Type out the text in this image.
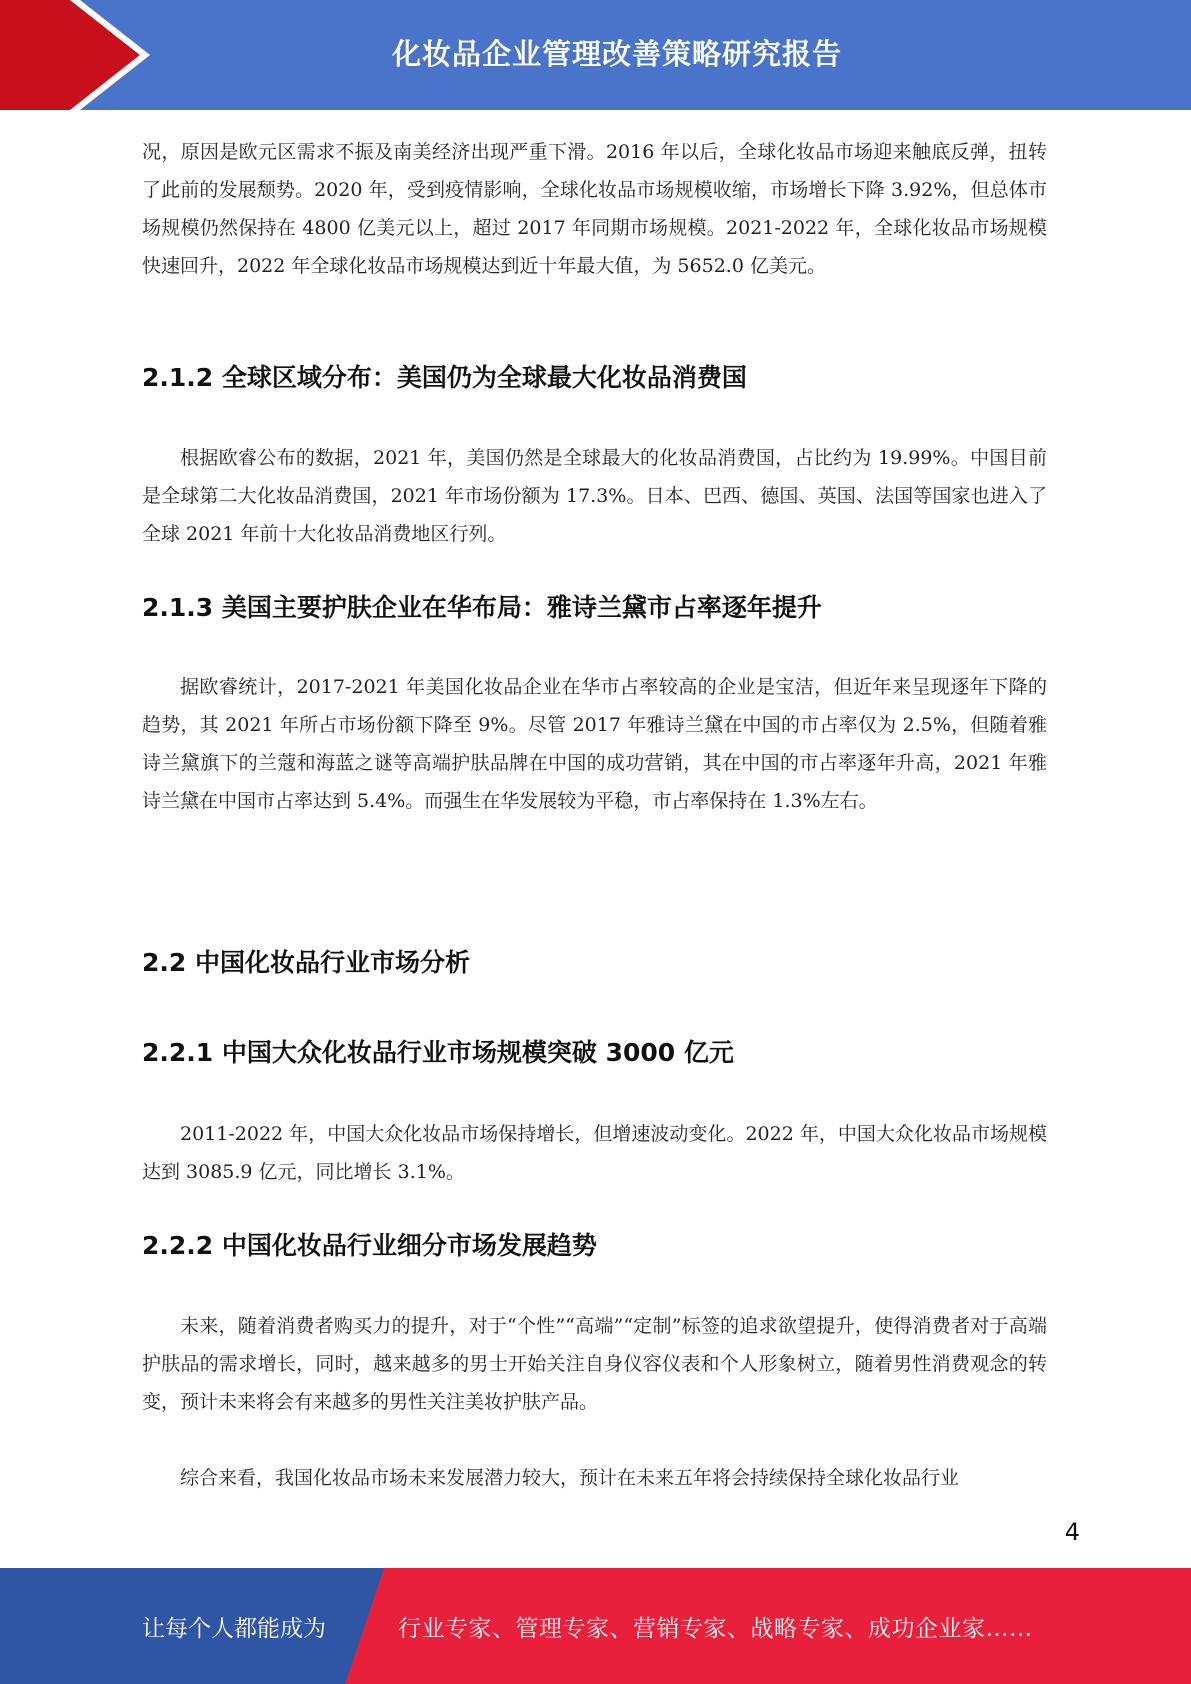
化妆品企业管理改善策略研究报告

况，原因是欧元区需求不振及南美经济出现严重下滑。2016 年以后，全球化妆品市场迎来触底反弹，扭转了此前的发展颓势。2020 年，受到疫情影响，全球化妆品市场规模收缩，市场增长下降 3.92%，但总体市场规模仍然保持在 4800 亿美元以上，超过 2017 年同期市场规模。2021-2022 年，全球化妆品市场规模快速回升，2022 年全球化妆品市场规模达到近十年最大值，为 5652.0 亿美元。

2.1.2 全球区域分布：美国仍为全球最大化妆品消费国

根据欧睿公布的数据，2021 年，美国仍然是全球最大的化妆品消费国，占比约为 19.99%。中国目前是全球第二大化妆品消费国，2021 年市场份额为 17.3%。日本、巴西、德国、英国、法国等国家也进入了全球 2021 年前十大化妆品消费地区行列。

2.1.3 美国主要护肤企业在华布局：雅诗兰黛市占率逐年提升

据欧睿统计，2017-2021 年美国化妆品企业在华市占率较高的企业是宝洁，但近年来呈现逐年下降的趋势，其 2021 年所占市场份额下降至 9%。尽管 2017 年雅诗兰黛在中国的市占率仅为 2.5%，但随着雅诗兰黛旗下的兰蔻和海蓝之谜等高端护肤品牌在中国的成功营销，其在中国的市占率逐年升高，2021 年雅诗兰黛在中国市占率达到 5.4%。而强生在华发展较为平稳，市占率保持在 1.3%左右。

2.2 中国化妆品行业市场分析
2.2.1 中国大众化妆品行业市场规模突破 3000 亿元

2011-2022 年，中国大众化妆品市场保持增长，但增速波动变化。2022 年，中国大众化妆品市场规模达到 3085.9 亿元，同比增长 3.1%。

2.2.2 中国化妆品行业细分市场发展趋势

未来，随着消费者购买力的提升，对于“个性”“高端”“定制”标签的追求欲望提升，使得消费者对于高端护肤品的需求增长，同时，越来越多的男士开始关注自身仪容仪表和个人形象树立，随着男性消费观念的转变，预计未来将会有来越多的男性关注美妆护肤产品。

综合来看，我国化妆品市场未来发展潜力较大，预计在未来五年将会持续保持全球化妆品行业

4
让每个人都能成为	行业专家、管理专家、营销专家、战略专家、成功企业家……
